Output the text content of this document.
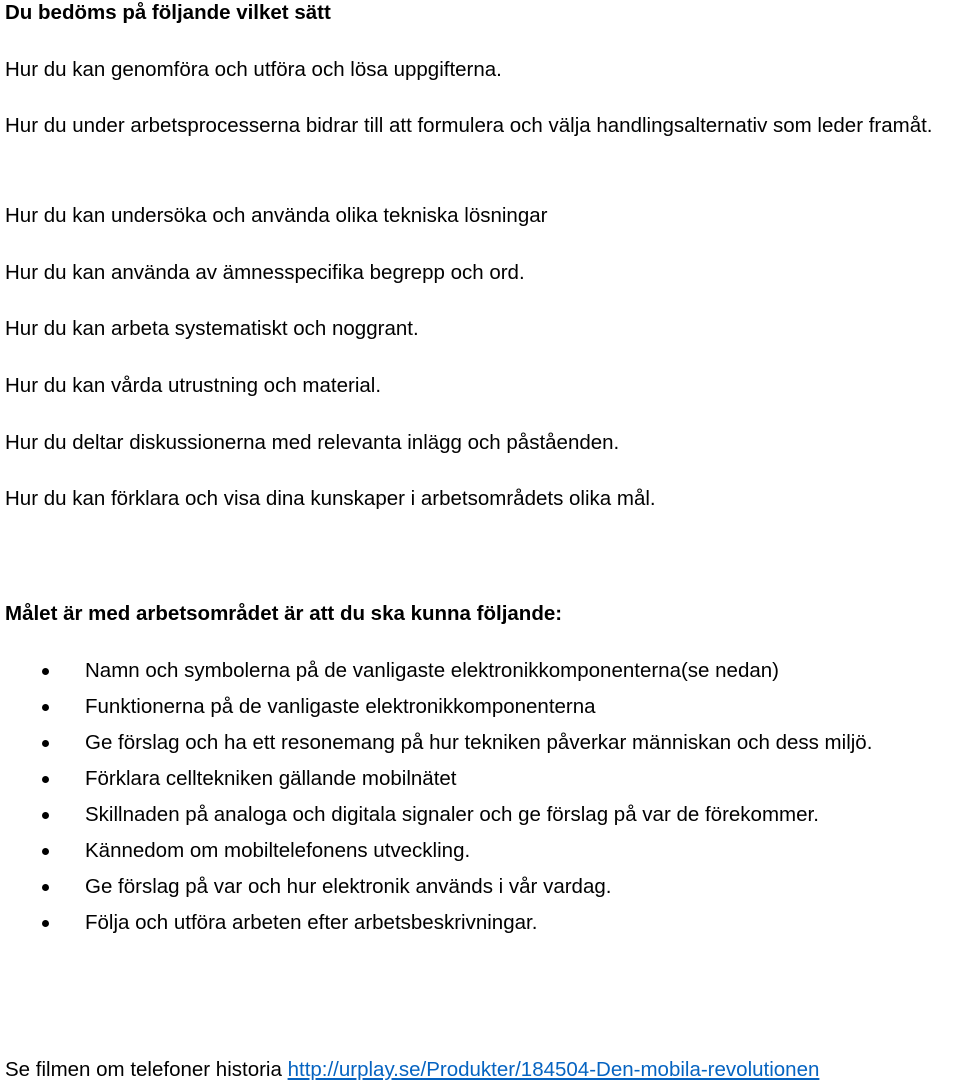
Du bedöms på följande vilket sätt
Hur du kan genomföra och utföra och lösa uppgifterna.
Hur du under arbetsprocesserna bidrar till att formulera och välja handlingsalternativ som leder framåt.
Hur du kan undersöka och använda olika tekniska lösningar
Hur du kan använda av ämnesspecifika begrepp och ord.
Hur du kan arbeta systematiskt och noggrant.
Hur du kan vårda utrustning och material.
Hur du deltar diskussionerna med relevanta inlägg och påståenden.
Hur du kan förklara och visa dina kunskaper i arbetsområdets olika mål.
Målet är med arbetsområdet är att du ska kunna följande:
Namn och symbolerna på de vanligaste elektronikkomponenterna(se nedan)
Funktionerna på de vanligaste elektronikkomponenterna
Ge förslag och ha ett resonemang på hur tekniken påverkar människan och dess miljö.
Förklara celltekniken gällande mobilnätet
Skillnaden på analoga och digitala signaler och ge förslag på var de förekommer.
Kännedom om mobiltelefonens utveckling.
Ge förslag på var och hur elektronik används i vår vardag.
Följa och utföra arbeten efter arbetsbeskrivningar.
Se filmen om telefoner historia http://urplay.se/Produkter/184504-Den-mobila-revolutionen
